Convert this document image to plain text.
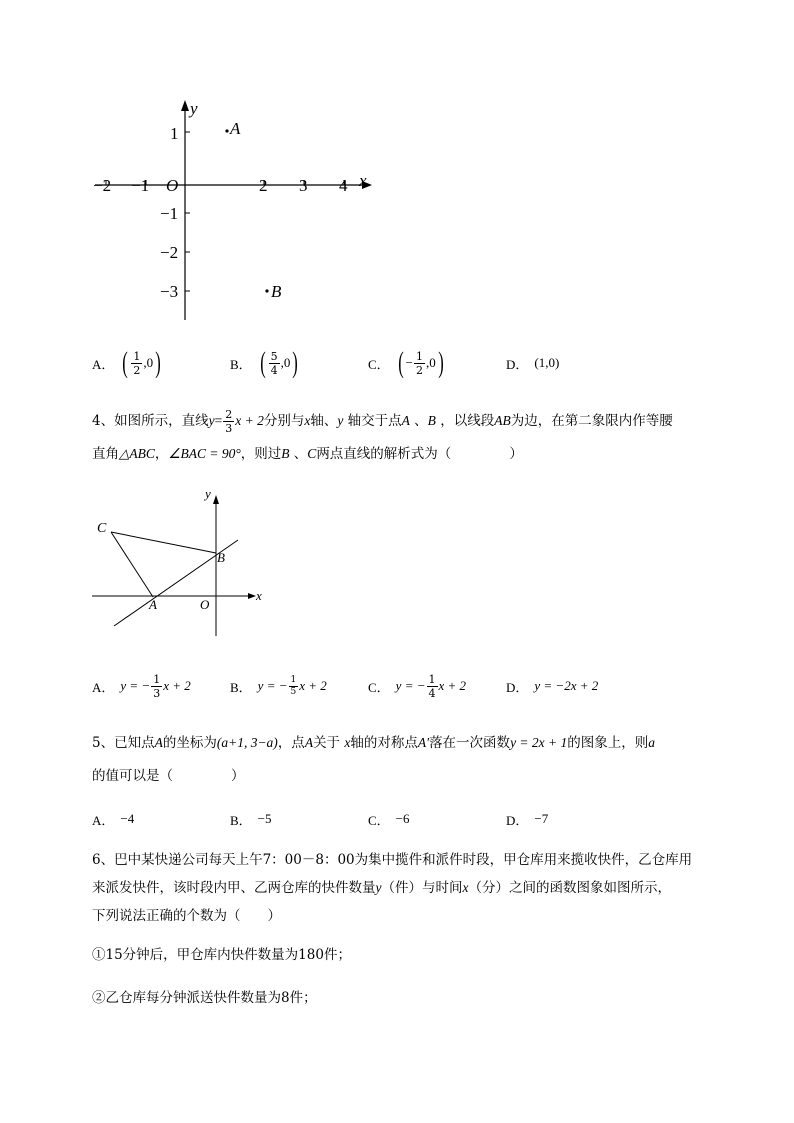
y
x
O
−2 −1	2 3 4
1
−1
−2
−3
A
B
A． ( $\frac{1}{2} ,0$ )	B． ( $\frac{5}{4} ,0$ )	C． ( − $\frac{1}{2} ,0$ )	D． (1,0)
4、如图所示，直线$y= \frac{2}{3}$ x + 2分别与x轴、y 轴交于点A 、B ，以线段AB为边，在第二象限内作等腰
直角△ABC，∠BAC = 90°，则过B 、C两点直线的解析式为（	）
C
B
A	O
x
y
A． y = − $\frac{1}{3}$ x + 2	B． y = − $\frac{1}{5}$ x + 2	C． y = − $\frac{1}{4}$ x + 2	D． y = −2x + 2
5、已知点A的坐标为(a+1, 3−a)，点A关于 x轴的对称点A′落在一次函数y = 2x + 1的图象上，则a
的值可以是（	）
A． −4	B． −5	C． −6	D． −7
6、巴中某快递公司每天上午7：00－8：00为集中揽件和派件时段，甲仓库用来揽收快件，乙仓库用
来派发快件，该时段内甲、乙两仓库的快件数量y（件）与时间x（分）之间的函数图象如图所示，
下列说法正确的个数为（　　）
①15分钟后，甲仓库内快件数量为180件；
②乙仓库每分钟派送快件数量为8件；
